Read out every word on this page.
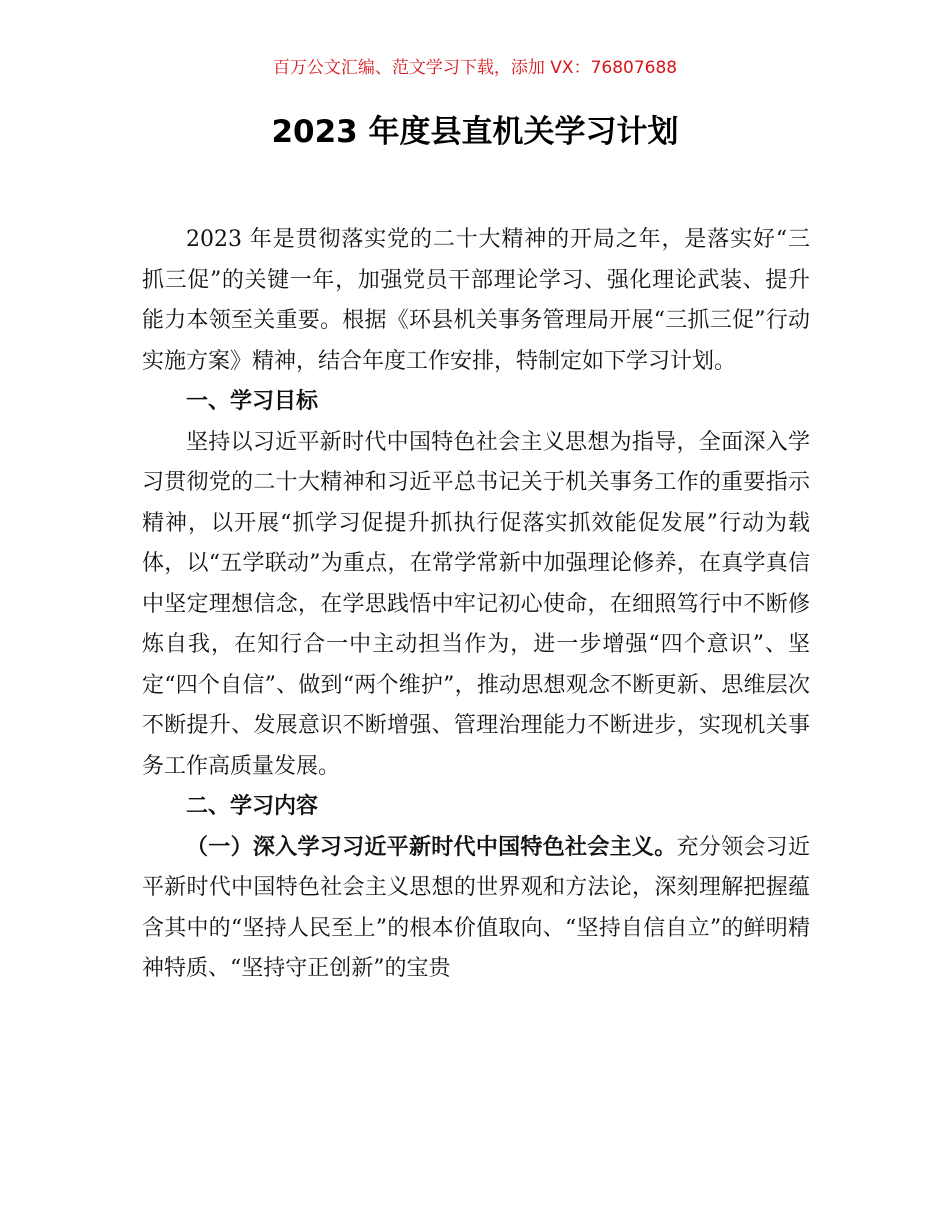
百万公文汇编、范文学习下载，添加 VX：76807688
2023 年度县直机关学习计划

2023 年是贯彻落实党的二十大精神的开局之年，是落实好“三抓三促”的关键一年，加强党员干部理论学习、强化理论武装、提升能力本领至关重要。根据《环县机关事务管理局开展“三抓三促”行动实施方案》精神，结合年度工作安排，特制定如下学习计划。

一、学习目标

坚持以习近平新时代中国特色社会主义思想为指导，全面深入学习贯彻党的二十大精神和习近平总书记关于机关事务工作的重要指示精神，以开展“抓学习促提升抓执行促落实抓效能促发展”行动为载体，以“五学联动”为重点，在常学常新中加强理论修养，在真学真信中坚定理想信念，在学思践悟中牢记初心使命，在细照笃行中不断修炼自我，在知行合一中主动担当作为，进一步增强“四个意识”、坚定“四个自信”、做到“两个维护”，推动思想观念不断更新、思维层次不断提升、发展意识不断增强、管理治理能力不断进步，实现机关事务工作高质量发展。

二、学习内容

（一）深入学习习近平新时代中国特色社会主义。充分领会习近平新时代中国特色社会主义思想的世界观和方法论，深刻理解把握蕴含其中的“坚持人民至上”的根本价值取向、“坚持自信自立”的鲜明精神特质、“坚持守正创新”的宝贵
